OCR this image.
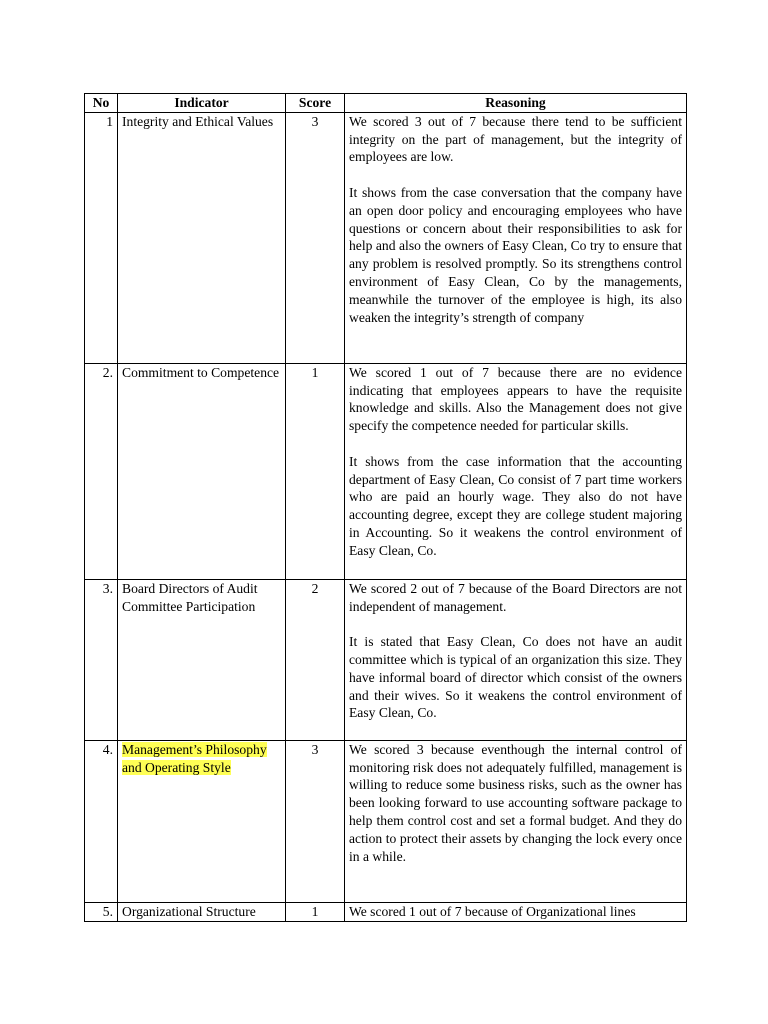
No	Indicator	Score	Reasoning
1	Integrity and Ethical Values	3	We scored 3 out of 7 because there tend to be sufficient integrity on the part of management, but the integrity of employees are low.

It shows from the case conversation that the company have an open door policy and encouraging employees who have questions or concern about their responsibilities to ask for help and also the owners of Easy Clean, Co try to ensure that any problem is resolved promptly. So its strengthens control environment of Easy Clean, Co by the managements, meanwhile the turnover of the employee is high, its also weaken the integrity’s strength of company

2.	Commitment to Competence	1	We scored 1 out of 7 because there are no evidence indicating that employees appears to have the requisite knowledge and skills. Also the Management does not give specify the competence needed for particular skills.

It shows from the case information that the accounting department of Easy Clean, Co consist of 7 part time workers who are paid an hourly wage. They also do not have accounting degree, except they are college student majoring in Accounting. So it weakens the control environment of Easy Clean, Co.

3.	Board Directors of Audit Committee Participation	2	We scored 2 out of 7 because of the Board Directors are not independent of management.

It is stated that Easy Clean, Co does not have an audit committee which is typical of an organization this size. They have informal board of director which consist of the owners and their wives. So it weakens the control environment of Easy Clean, Co.

4.	Management’s Philosophy and Operating Style	3	We scored 3 because eventhough the internal control of monitoring risk does not adequately fulfilled, management is willing to reduce some business risks, such as the owner has been looking forward to use accounting software package to help them control cost and set a formal budget. And they do action to protect their assets by changing the lock every once in a while.

5.	Organizational Structure	1	We scored 1 out of 7 because of Organizational lines
